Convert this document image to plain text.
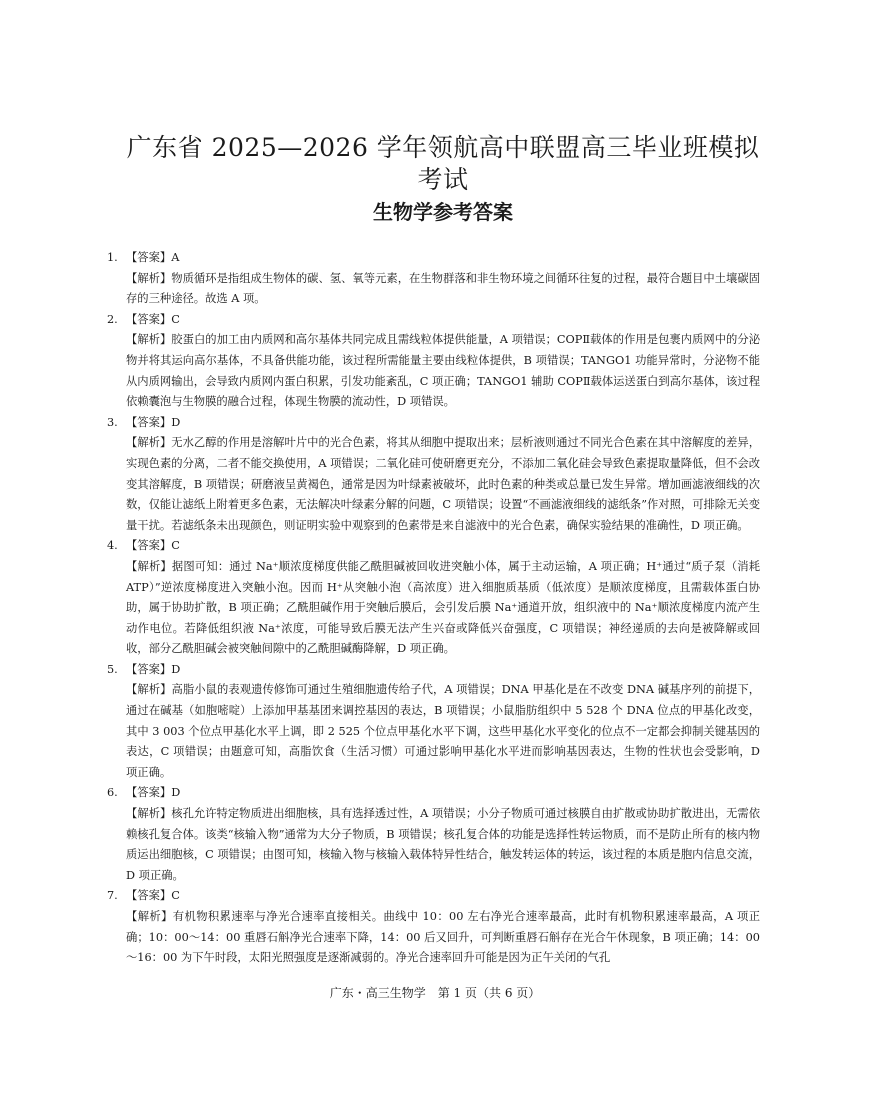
广东省 2025—2026 学年领航高中联盟高三毕业班模拟考试
生物学参考答案

1. 【答案】A

【解析】物质循环是指组成生物体的碳、氢、氧等元素，在生物群落和非生物环境之间循环往复的过程，最符合题目中土壤碳固存的三种途径。故选 A 项。

2. 【答案】C

【解析】胶蛋白的加工由内质网和高尔基体共同完成且需线粒体提供能量，A 项错误；COPⅡ载体的作用是包裹内质网中的分泌物并将其运向高尔基体，不具备供能功能，该过程所需能量主要由线粒体提供，B 项错误；TANGO1 功能异常时，分泌物不能从内质网输出，会导致内质网内蛋白积累，引发功能紊乱，C 项正确；TANGO1 辅助 COPⅡ载体运送蛋白到高尔基体，该过程依赖囊泡与生物膜的融合过程，体现生物膜的流动性，D 项错误。

3. 【答案】D

【解析】无水乙醇的作用是溶解叶片中的光合色素，将其从细胞中提取出来；层析液则通过不同光合色素在其中溶解度的差异，实现色素的分离，二者不能交换使用，A 项错误；二氧化硅可使研磨更充分，不添加二氧化硅会导致色素提取量降低，但不会改变其溶解度，B 项错误；研磨液呈黄褐色，通常是因为叶绿素被破坏，此时色素的种类或总量已发生异常。增加画滤液细线的次数，仅能让滤纸上附着更多色素，无法解决叶绿素分解的问题，C 项错误；设置“不画滤液细线的滤纸条”作对照，可排除无关变量干扰。若滤纸条未出现颜色，则证明实验中观察到的色素带是来自滤液中的光合色素，确保实验结果的准确性，D 项正确。

4. 【答案】C

【解析】据图可知：通过 Na⁺顺浓度梯度供能乙酰胆碱被回收进突触小体，属于主动运输，A 项正确；H⁺通过“质子泵（消耗 ATP）”逆浓度梯度进入突触小泡。因而 H⁺从突触小泡（高浓度）进入细胞质基质（低浓度）是顺浓度梯度，且需载体蛋白协助，属于协助扩散，B 项正确；乙酰胆碱作用于突触后膜后，会引发后膜 Na⁺通道开放，组织液中的 Na⁺顺浓度梯度内流产生动作电位。若降低组织液 Na⁺浓度，可能导致后膜无法产生兴奋或降低兴奋强度，C 项错误；神经递质的去向是被降解或回收，部分乙酰胆碱会被突触间隙中的乙酰胆碱酶降解，D 项正确。

5. 【答案】D

【解析】高脂小鼠的表观遗传修饰可通过生殖细胞遗传给子代，A 项错误；DNA 甲基化是在不改变 DNA 碱基序列的前提下，通过在碱基（如胞嘧啶）上添加甲基基团来调控基因的表达，B 项错误；小鼠脂肪组织中 5 528 个 DNA 位点的甲基化改变，其中 3 003 个位点甲基化水平上调，即 2 525 个位点甲基化水平下调，这些甲基化水平变化的位点不一定都会抑制关键基因的表达，C 项错误；由题意可知，高脂饮食（生活习惯）可通过影响甲基化水平进而影响基因表达，生物的性状也会受影响，D 项正确。

6. 【答案】D

【解析】核孔允许特定物质进出细胞核，具有选择透过性，A 项错误；小分子物质可通过核膜自由扩散或协助扩散进出，无需依赖核孔复合体。该类“核输入物”通常为大分子物质，B 项错误；核孔复合体的功能是选择性转运物质，而不是防止所有的核内物质运出细胞核，C 项错误；由图可知，核输入物与核输入载体特异性结合，触发转运体的转运，该过程的本质是胞内信息交流，D 项正确。

7. 【答案】C

【解析】有机物积累速率与净光合速率直接相关。曲线中 10：00 左右净光合速率最高，此时有机物积累速率最高，A 项正确；10：00～14：00 重唇石斛净光合速率下降，14：00 后又回升，可判断重唇石斛存在光合午休现象，B 项正确；14：00～16：00 为下午时段，太阳光照强度是逐渐减弱的。净光合速率回升可能是因为正午关闭的气孔

广东・高三生物学　第 1 页（共 6 页）
